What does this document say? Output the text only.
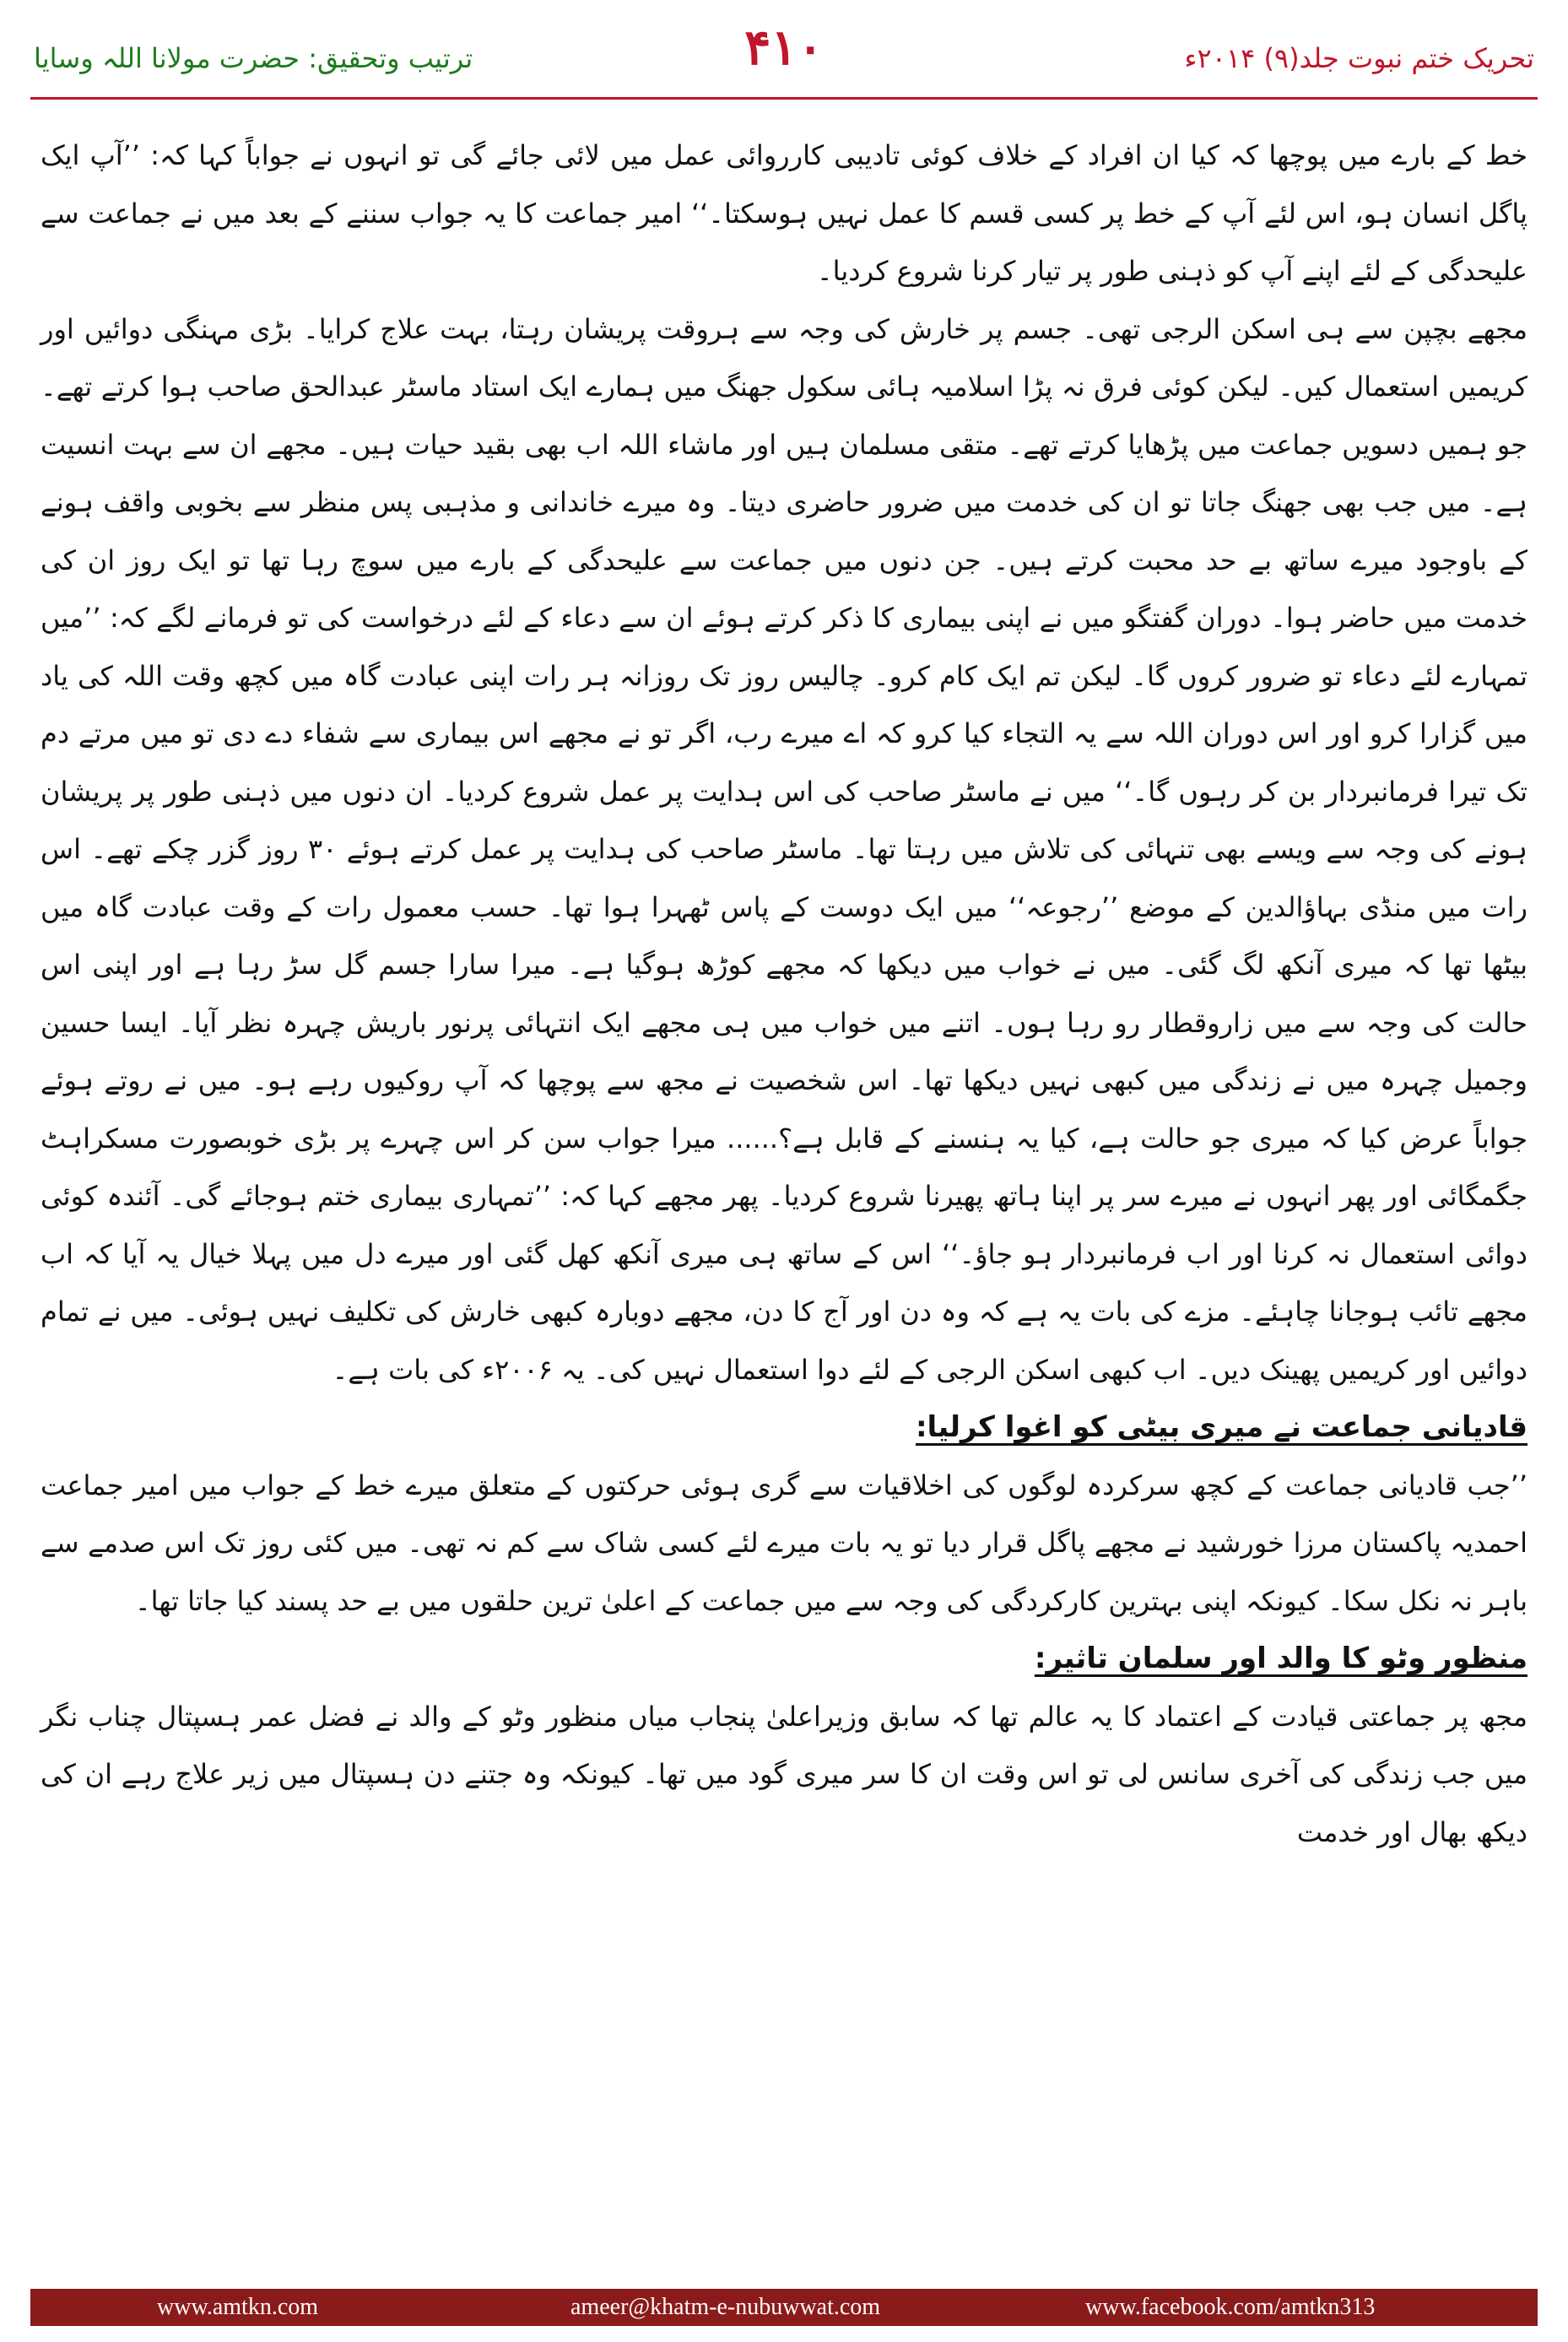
ترتیب وتحقیق: حضرت مولانا اللہ وسایا	۴۱۰	تحریک ختم نبوت جلد(۹) ۲۰۱۴ء

خط کے بارے میں پوچھا کہ کیا ان افراد کے خلاف کوئی تادیبی کارروائی عمل میں لائی جائے گی تو انہوں نے جواباً کہا کہ: ’’آپ ایک پاگل انسان ہو، اس لئے آپ کے خط پر کسی قسم کا عمل نہیں ہوسکتا۔‘‘ امیر جماعت کا یہ جواب سننے کے بعد میں نے جماعت سے علیحدگی کے لئے اپنے آپ کو ذہنی طور پر تیار کرنا شروع کردیا۔

مجھے بچپن سے ہی اسکن الرجی تھی۔ جسم پر خارش کی وجہ سے ہروقت پریشان رہتا، بہت علاج کرایا۔ بڑی مہنگی دوائیں اور کریمیں استعمال کیں۔ لیکن کوئی فرق نہ پڑا اسلامیہ ہائی سکول جھنگ میں ہمارے ایک استاد ماسٹر عبدالحق صاحب ہوا کرتے تھے۔ جو ہمیں دسویں جماعت میں پڑھایا کرتے تھے۔ متقی مسلمان ہیں اور ماشاء اللہ اب بھی بقید حیات ہیں۔ مجھے ان سے بہت انسیت ہے۔ میں جب بھی جھنگ جاتا تو ان کی خدمت میں ضرور حاضری دیتا۔ وہ میرے خاندانی و مذہبی پس منظر سے بخوبی واقف ہونے کے باوجود میرے ساتھ بے حد محبت کرتے ہیں۔ جن دنوں میں جماعت سے علیحدگی کے بارے میں سوچ رہا تھا تو ایک روز ان کی خدمت میں حاضر ہوا۔ دوران گفتگو میں نے اپنی بیماری کا ذکر کرتے ہوئے ان سے دعاء کے لئے درخواست کی تو فرمانے لگے کہ: ’’میں تمہارے لئے دعاء تو ضرور کروں گا۔ لیکن تم ایک کام کرو۔ چالیس روز تک روزانہ ہر رات اپنی عبادت گاہ میں کچھ وقت اللہ کی یاد میں گزارا کرو اور اس دوران اللہ سے یہ التجاء کیا کرو کہ اے میرے رب، اگر تو نے مجھے اس بیماری سے شفاء دے دی تو میں مرتے دم تک تیرا فرمانبردار بن کر رہوں گا۔‘‘ میں نے ماسٹر صاحب کی اس ہدایت پر عمل شروع کردیا۔ ان دنوں میں ذہنی طور پر پریشان ہونے کی وجہ سے ویسے بھی تنہائی کی تلاش میں رہتا تھا۔ ماسٹر صاحب کی ہدایت پر عمل کرتے ہوئے ۳۰ روز گزر چکے تھے۔ اس رات میں منڈی بہاؤالدین کے موضع ’’رجوعہ‘‘ میں ایک دوست کے پاس ٹھہرا ہوا تھا۔ حسب معمول رات کے وقت عبادت گاہ میں بیٹھا تھا کہ میری آنکھ لگ گئی۔ میں نے خواب میں دیکھا کہ مجھے کوڑھ ہوگیا ہے۔ میرا سارا جسم گل سڑ رہا ہے اور اپنی اس حالت کی وجہ سے میں زاروقطار رو رہا ہوں۔ اتنے میں خواب میں ہی مجھے ایک انتہائی پرنور باریش چہرہ نظر آیا۔ ایسا حسین وجمیل چہرہ میں نے زندگی میں کبھی نہیں دیکھا تھا۔ اس شخصیت نے مجھ سے پوچھا کہ آپ روکیوں رہے ہو۔ میں نے روتے ہوئے جواباً عرض کیا کہ میری جو حالت ہے، کیا یہ ہنسنے کے قابل ہے؟...... میرا جواب سن کر اس چہرے پر بڑی خوبصورت مسکراہٹ جگمگائی اور پھر انہوں نے میرے سر پر اپنا ہاتھ پھیرنا شروع کردیا۔ پھر مجھے کہا کہ: ’’تمہاری بیماری ختم ہوجائے گی۔ آئندہ کوئی دوائی استعمال نہ کرنا اور اب فرمانبردار ہو جاؤ۔‘‘ اس کے ساتھ ہی میری آنکھ کھل گئی اور میرے دل میں پہلا خیال یہ آیا کہ اب مجھے تائب ہوجانا چاہئے۔ مزے کی بات یہ ہے کہ وہ دن اور آج کا دن، مجھے دوبارہ کبھی خارش کی تکلیف نہیں ہوئی۔ میں نے تمام دوائیں اور کریمیں پھینک دیں۔ اب کبھی اسکن الرجی کے لئے دوا استعمال نہیں کی۔ یہ ۲۰۰۶ء کی بات ہے۔

قادیانی جماعت نے میری بیٹی کو اغوا کرلیا:

’’جب قادیانی جماعت کے کچھ سرکردہ لوگوں کی اخلاقیات سے گری ہوئی حرکتوں کے متعلق میرے خط کے جواب میں امیر جماعت احمدیہ پاکستان مرزا خورشید نے مجھے پاگل قرار دیا تو یہ بات میرے لئے کسی شاک سے کم نہ تھی۔ میں کئی روز تک اس صدمے سے باہر نہ نکل سکا۔ کیونکہ اپنی بہترین کارکردگی کی وجہ سے میں جماعت کے اعلیٰ ترین حلقوں میں بے حد پسند کیا جاتا تھا۔

منظور وٹو کا والد اور سلمان تاثیر:

مجھ پر جماعتی قیادت کے اعتماد کا یہ عالم تھا کہ سابق وزیراعلیٰ پنجاب میاں منظور وٹو کے والد نے فضل عمر ہسپتال چناب نگر میں جب زندگی کی آخری سانس لی تو اس وقت ان کا سر میری گود میں تھا۔ کیونکہ وہ جتنے دن ہسپتال میں زیر علاج رہے ان کی دیکھ بھال اور خدمت

www.amtkn.com	ameer@khatm-e-nubuwwat.com	www.facebook.com/amtkn313
